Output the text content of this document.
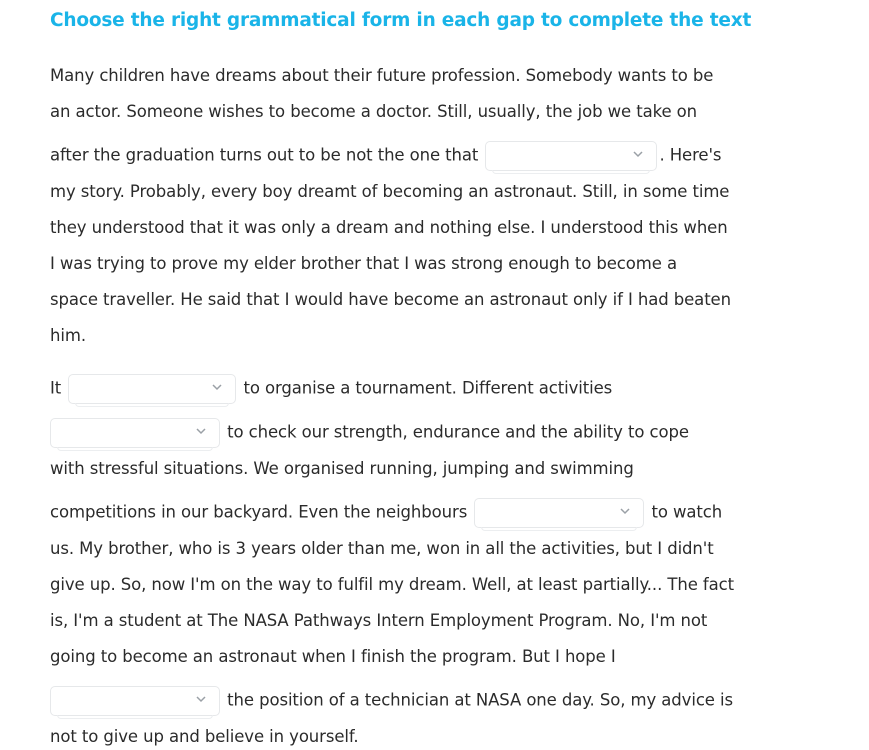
Choose the right grammatical form in each gap to complete the text
Many children have dreams about their future profession. Somebody wants to be
an actor. Someone wishes to become a doctor. Still, usually, the job we take on
after the graduation turns out to be not the one that	. Here's
my story. Probably, every boy dreamt of becoming an astronaut. Still, in some time
they understood that it was only a dream and nothing else. I understood this when
I was trying to prove my elder brother that I was strong enough to become a
space traveller. He said that I would have become an astronaut only if I had beaten
him.
It	to organise a tournament. Different activities
to check our strength, endurance and the ability to cope
with stressful situations. We organised running, jumping and swimming
competitions in our backyard. Even the neighbours	to watch
us. My brother, who is 3 years older than me, won in all the activities, but I didn't
give up. So, now I'm on the way to fulfil my dream. Well, at least partially... The fact
is, I'm a student at The NASA Pathways Intern Employment Program. No, I'm not
going to become an astronaut when I finish the program. But I hope I
the position of a technician at NASA one day. So, my advice is
not to give up and believe in yourself.
